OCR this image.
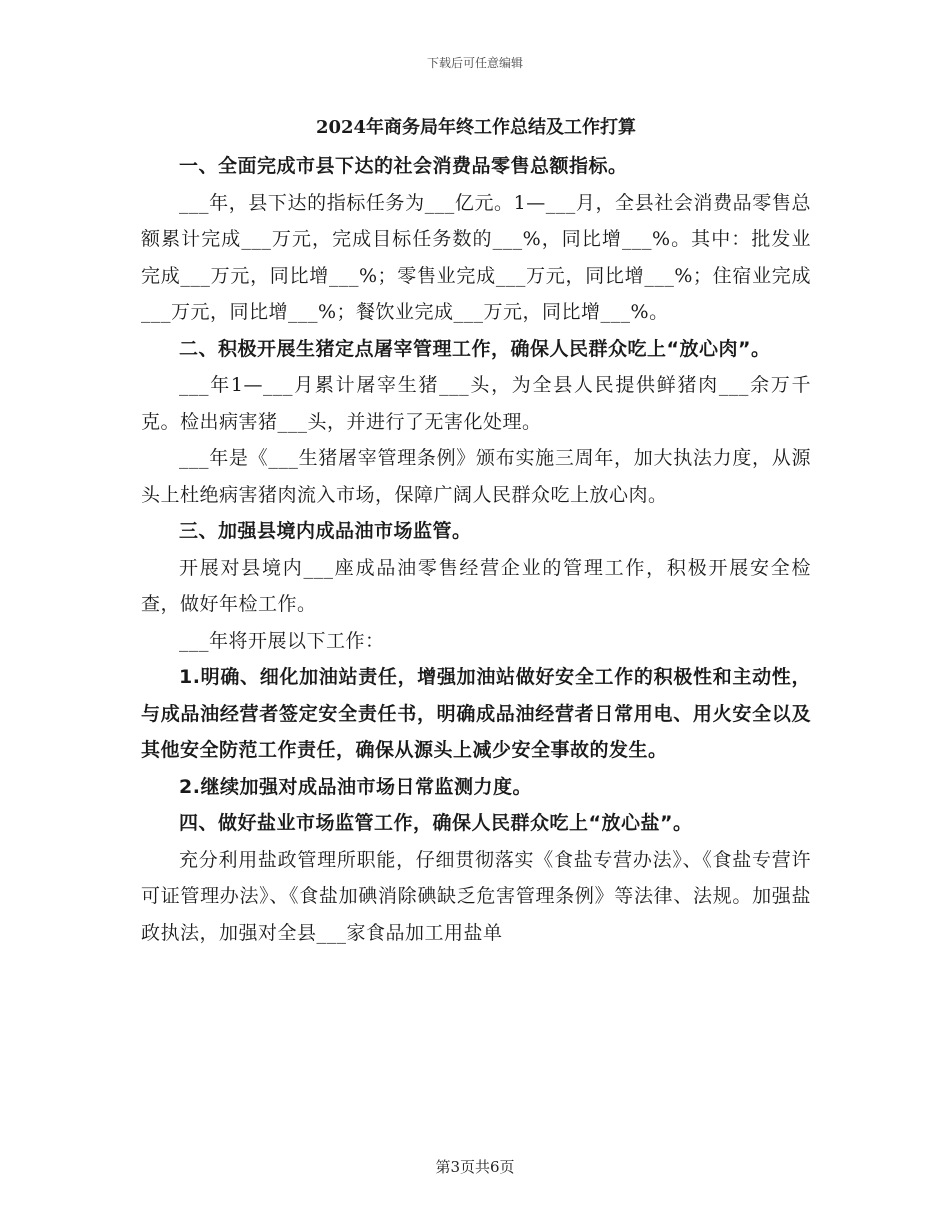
下载后可任意编辑
2024年商务局年终工作总结及工作打算

一、全面完成市县下达的社会消费品零售总额指标。

___年，县下达的指标任务为___亿元。1—___月，全县社会消费品零售总额累计完成___万元，完成目标任务数的___%，同比增___%。其中：批发业完成___万元，同比增___%；零售业完成___万元，同比增___%；住宿业完成___万元，同比增___%；餐饮业完成___万元，同比增___%。

二、积极开展生猪定点屠宰管理工作，确保人民群众吃上“放心肉”。

___年1—___月累计屠宰生猪___头，为全县人民提供鲜猪肉___余万千克。检出病害猪___头，并进行了无害化处理。

___年是《___生猪屠宰管理条例》颁布实施三周年，加大执法力度，从源头上杜绝病害猪肉流入市场，保障广阔人民群众吃上放心肉。

三、加强县境内成品油市场监管。

开展对县境内___座成品油零售经营企业的管理工作，积极开展安全检查，做好年检工作。

___年将开展以下工作：

1.明确、细化加油站责任，增强加油站做好安全工作的积极性和主动性，与成品油经营者签定安全责任书，明确成品油经营者日常用电、用火安全以及其他安全防范工作责任，确保从源头上减少安全事故的发生。

2.继续加强对成品油市场日常监测力度。

四、做好盐业市场监管工作，确保人民群众吃上“放心盐”。

充分利用盐政管理所职能，仔细贯彻落实《食盐专营办法》、《食盐专营许可证管理办法》、《食盐加碘消除碘缺乏危害管理条例》等法律、法规。加强盐政执法，加强对全县___家食品加工用盐单

第3页共6页
